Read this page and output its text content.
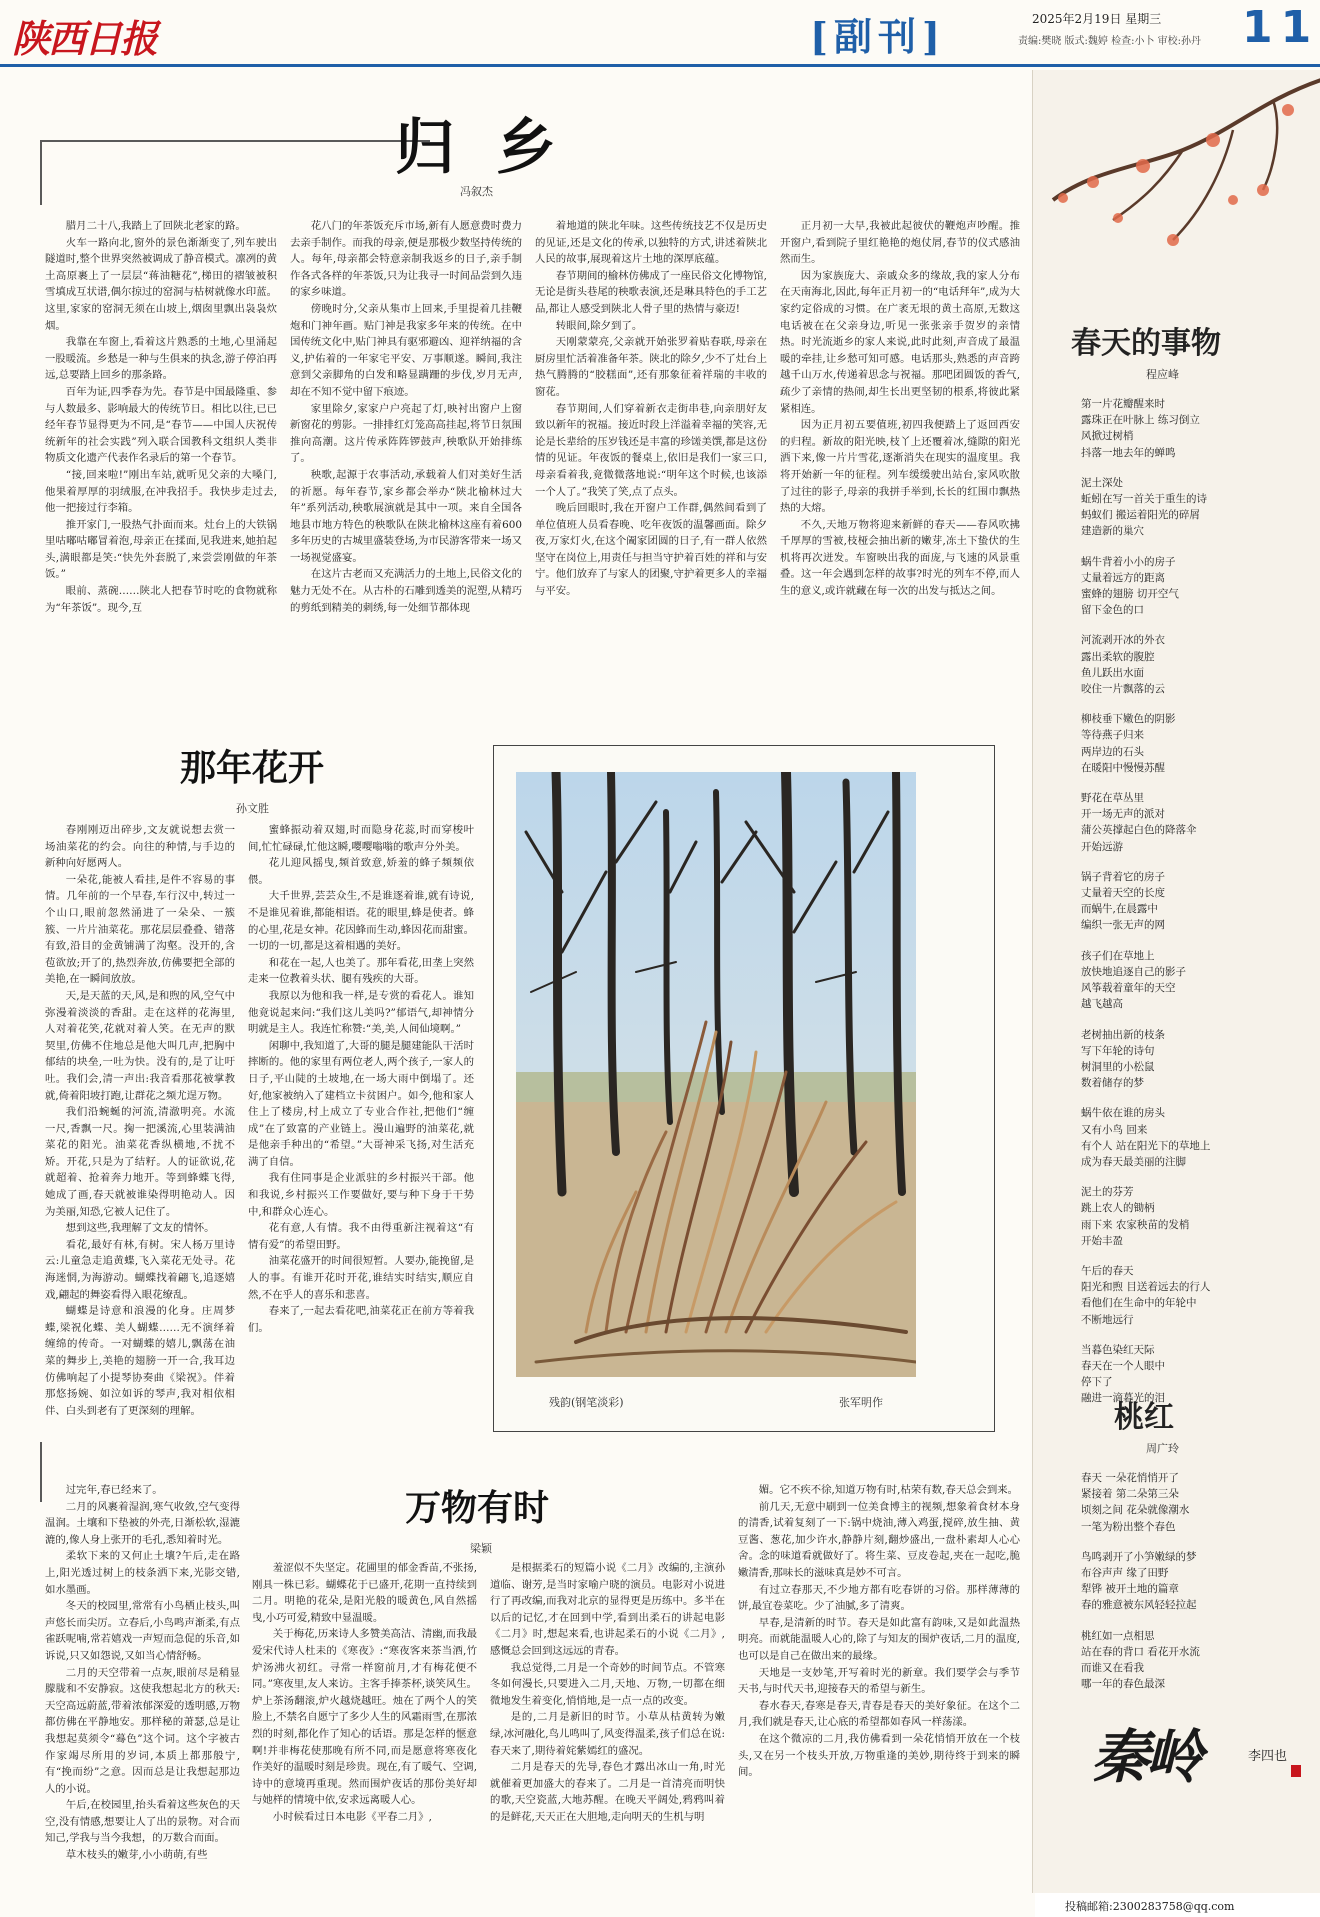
陕西日报	[副刊]	2025年2月19日 星期三
责编:樊晓 版式:魏婷 检查:小卜 审校:孙丹 11
归 乡
冯叙杰

腊月二十八,我踏上了回陕北老家的路。

火车一路向北,窗外的景色渐渐变了,列车驶出隧道时,整个世界突然被调成了静音模式。凛冽的黄土高原裹上了一层层“蒋油糖花”,梯田的褶皱被积雪填成互状谱,偶尔掠过的窑洞与枯树就像水印蓝。这里,家家的窑洞无须在山坡上,烟囱里飘出袅袅炊烟。

我靠在车窗上,看着这片熟悉的土地,心里涌起一股暖流。乡愁是一种与生俱来的执念,游子停泊再远,总要踏上回乡的那条路。

百年为证,四季春为先。春节是中国最隆重、参与人数最多、影响最大的传统节日。相比以往,已已经年春节显得更为不同,是“春节——中国人庆祝传统新年的社会实践”列入联合国教科文组织人类非物质文化遗产代表作名录后的第一个春节。

“接,回来啦!”刚出车站,就听见父亲的大嗓门,他果着厚厚的羽绒服,在冲我招手。我快步走过去,他一把接过行李箱。

推开家门,一股热气扑面而来。灶台上的大铁锅里咕嘟咕嘟冒着泡,母亲正在揉面,见我进来,她拍起头,满眼都是笑:“快先外套脱了,来尝尝刚做的年茶饭。”

眼前、蒸碗……陕北人把春节时吃的食物就称为“年茶饭”。现今,互

花八门的年茶饭充斥市场,新有人愿意费时费力去亲手制作。而我的母亲,便是那极少数坚持传统的人。每年,母亲都会特意亲制我返乡的日子,亲手制作各式各样的年茶饭,只为让我寻一时间品尝到久违的家乡味道。

傍晚时分,父亲从集市上回来,手里提着几挂鞭炮和门神年画。贴门神是我家多年来的传统。在中国传统文化中,贴门神具有驱邪避凶、迎祥纳福的含义,护佑着的一年家宅平安、万事顺遂。瞬间,我注意到父亲脚角的白发和略显蹒跚的步伐,岁月无声,却在不知不觉中留下痕迹。

家里除夕,家家户户亮起了灯,映衬出窗户上窗新窗花的剪影。一排排红灯笼高高挂起,将节日氛围推向高潮。这片传承阵阵锣鼓声,秧歌队开始排练了。

秧歌,起源于农事活动,承载着人们对美好生活的祈愿。每年春节,家乡都会举办“陕北榆林过大年”系列活动,秧歌展演就是其中一项。来自全国各地县市地方特色的秧歌队在陕北榆林这座有着600多年历史的古城里盛装登场,为市民游客带来一场又一场视觉盛宴。

在这片古老而又充满活力的土地上,民俗文化的魅力无处不在。从古朴的石雕到透美的泥塑,从精巧的剪纸到精美的刺绣,每一处细节都体现

着地道的陕北年味。这些传统技艺不仅是历史的见证,还是文化的传承,以独特的方式,讲述着陕北人民的故事,展现着这片土地的深厚底蕴。

春节期间的榆林仿佛成了一座民俗文化博物馆,无论是街头巷尾的秧歌表演,还是琳具特色的手工艺品,都让人感受到陕北人骨子里的热情与豪迈!

转眼间,除夕到了。

天刚蒙蒙亮,父亲就开始张罗着贴春联,母亲在厨房里忙活着准备年茶。陕北的除夕,少不了灶台上热气腾腾的“胶糕面”,还有那象征着祥瑞的丰收的窗花。

春节期间,人们穿着新衣走街串巷,向亲朋好友致以新年的祝福。接近时段上洋溢着幸福的笑容,无论是长辈给的压岁钱还是丰富的珍馐美馔,都是这份情的见证。年夜饭的餐桌上,依旧是我们一家三口,母亲看着我,竟微微落地说:“明年这个时候,也该添一个人了。”我笑了笑,点了点头。

晚后回眼时,我在开窗户工作群,偶然间看到了单位值班人员看春晚、吃年夜饭的温馨画面。除夕夜,万家灯火,在这个阖家团圆的日子,有一群人依然坚守在岗位上,用责任与担当守护着百姓的祥和与安宁。他们放弃了与家人的团聚,守护着更多人的幸福与平安。

正月初一大早,我被此起彼伏的鞭炮声吵醒。推开窗户,看到院子里红艳艳的炮仗屑,春节的仪式感油然而生。

因为家族庞大、亲戚众多的缘故,我的家人分布在天南海北,因此,每年正月初一的“电话拜年”,成为大家约定俗成的习惯。在广袤无垠的黄土高原,无数这电话被在在父亲身边,听见一张张亲手贺岁的亲情热。时光流逝乡的家人来说,此时此刻,声音成了最温暖的牵挂,让乡愁可知可感。电话那头,熟悉的声音跨越千山万水,传递着思念与祝福。那吧团圆饭的香气,疏少了亲情的热闹,却生长出更坚韧的根系,将彼此紧紧相连。

因为正月初五要值班,初四我便踏上了返回西安的归程。新故的阳光映,枝丫上还覆着冰,缝隙的阳光洒下来,像一片片雪花,逐渐消失在现实的温度里。我将开始新一年的征程。列车缓缓驶出站台,家风吹散了过往的影子,母亲的我拼手举到,长长的红围巾飘热热的大熔。

不久,天地万物将迎来新鲜的春天——春风吹拂千厚厚的雪被,枝桠会抽出新的嫩芽,冻土下蛰伏的生机将再次迸发。车窗映出我的面庞,与飞速的风景重叠。这一年会遇到怎样的故事?时光的列车不停,而人生的意义,或许就藏在每一次的出发与抵达之间。

那年花开
孙文胜

春刚刚迈出碎步,文友就说想去赏一场油菜花的约会。向往的种情,与手边的新种向好愿两人。

一朵花,能被人看挂,是件不容易的事情。几年前的一个早春,车行汉中,转过一个山口,眼前忽然涌进了一朵朵、一簇簇、一片片油菜花。那花层层叠叠、错落有致,沿目的金黄铺满了沟壑。没开的,含苞欲放;开了的,热烈奔放,仿佛要把全部的美艳,在一瞬间放放。

天,是天蓝的天,风,是和煦的风,空气中弥漫着淡淡的香甜。走在这样的花海里,人对着花笑,花就对着人笑。在无声的默契里,仿佛不住地总是他大叫几声,把胸中郁结的块垒,一吐为快。没有的,是了让吁吐。我们会,清一声出:我音看那花被掌教就,倚着阳坡打跑,让群花之频尤逞万物。

我们沿蜿蜒的河流,清澈明亮。水流一尺,香飘一尺。掬一把溪流,心里装满油菜花的阳光。油菜花香纵横地,不扰不矫。开花,只是为了结籽。人的证欲说,花就超着、抢着奔力地开。等到蜂蝶飞得,她成了画,春天就被谁染得明艳动人。因为美丽,知恐,它被人记住了。

想到这些,我理解了文友的情怀。

看花,最好有林,有树。宋人杨万里诗云:儿童急走追黄蝶,飞入菜花无处寻。花海迷惘,为海游动。蝴蝶找着翩飞,追逐嬉戏,翩起的舞姿看得入眼花缭乱。

蝴蝶是诗意和浪漫的化身。庄周梦蝶,梁祝化蝶、美人蝴蝶……无不演绎着缠绵的传奇。一对蝴蝶的嬉儿,飘荡在油菜的舞步上,美艳的翅膀一开一合,我耳边仿佛响起了小提琴协奏曲《梁祝》。伴着那悠扬婉、如泣如诉的琴声,我对相依相伴、白头到老有了更深刻的理解。

蜜蜂振动着双翅,时而隐身花蕊,时而穿梭叶间,忙忙碌碌,忙他这瞬,嘤嘤嗡嗡的歌声分外美。

花儿迎风摇曳,频首致意,娇羞的蜂子频频依偎。

大千世界,芸芸众生,不是谁逐着谁,就有诗说,不是谁见着谁,都能相语。花的眼里,蜂是使者。蜂的心里,花是女神。花因蜂而生动,蜂因花而甜蜜。一切的一切,都是这着相遇的美好。

和花在一起,人也美了。那年看花,田垄上突然走来一位教着头状、腿有残疾的大哥。

我原以为他和我一样,是专赏的看花人。谁知他竟说起来问:“我们这儿美吗?”郁语气,却神情分明就是主人。我连忙称赞:“美,美,人间仙境啊。”

闲聊中,我知道了,大哥的腿是腿建能队干活时摔断的。他的家里有两位老人,两个孩子,一家人的日子,平山陡的土坡地,在一场大雨中倒塌了。还好,他家被纳入了建档立卡贫困户。如今,他和家人住上了楼房,村上成立了专业合作社,把他们“缠成”在了致富的产业链上。漫山遍野的油菜花,就是他亲手种出的“希望。”大哥神采飞扬,对生活充满了自信。

我有住同事是企业派驻的乡村振兴干部。他和我说,乡村振兴工作要做好,要与种下身于干势中,和群众心连心。

花有意,人有情。我不由得重新注视着这“有情有爱”的希望田野。

油菜花盛开的时间很短暂。人要办,能挽留,是人的事。有谁开花时开花,谁结实时结实,顺应自然,不在乎人的喜乐和悲喜。

春来了,一起去看花吧,油菜花正在前方等着我们。

残韵(钢笔淡彩)	张军明作
万物有时
梁颖

过完年,春已经来了。

二月的风裹着湿润,寒气收敛,空气变得温润。土壤和下垫被的外壳,日渐松软,湿漉漉的,像人身上张开的毛孔,悉知着时光。

柔软下来的又何止土壤?午后,走在路上,阳光透过树上的枝条洒下来,光影交错,如水墨画。

冬天的校园里,常常有小鸟栖止枝头,叫声悠长而尖厉。立春后,小鸟鸣声渐柔,有点雀跃呢喃,常若嬉戏一声短而急促的乐音,如诉说,只又如怨说,又如当心情舒畅。

二月的天空带着一点灰,眼前尽是稍显朦胧和不安静寂。这使我想起北方的秋天:天空高远蔚蓝,带着浓郁深爱的透明感,万物都仿佛在平静地安。那样秘的萧瑟,总是让我想起莫须令“蓦色”这个词。这个字被古作家竭尽所用的岁词,本质上都那般宁,有“挽而纷”之意。因而总是让我想起那边人的小说。

午后,在校园里,抬头看着这些灰色的天空,没有情感,想要让人了出的景物。对合而知己,学我与当今我想，的万数合而面。

草木枝头的嫩芽,小小萌萌,有些

羞涩似不失坚定。花圃里的郁金香苗,不张扬,刚具一株已彩。蝴蝶花于已盛开,花期一直持续到二月。明艳的花朵,是阳光般的暖黄色,风自然摇曳,小巧可爱,精致中显温暖。

关于梅花,历来诗人多赞美高洁、清幽,而我最爱宋代诗人杜耒的《寒夜》:“寒夜客来茶当酒,竹炉汤沸火初红。寻常一样窗前月,才有梅花便不同。”寒夜里,友人来访。主客手捧茶杯,谈笑风生。炉上茶汤翻滚,炉火越烧越旺。烛在了两个人的笑脸上,不禁名自愿宁了多少人生的风霜雨雪,在那浓烈的时刻,都化作了知心的话语。那是怎样的惬意啊!并非梅花使那晚有所不同,而是愿意将寒夜化作美好的温暖时刻是珍贵。现在,有了暖气、空调,诗中的意境再重现。然而围炉夜话的那份美好却与她样的情境中依,安求远离暖人心。

小时候看过日本电影《平春二月》,

是根据柔石的短篇小说《二月》改编的,主演孙道临、谢芳,是当时家喻户晓的演员。电影对小说进行了再改编,而我对北京的显得更是历练中。多半在以后的记忆,才在回到中学,看到出柔石的讲起电影《二月》时,想起来看,也讲起柔石的小说《二月》,感慨总会回到这远远的青春。

我总觉得,二月是一个奇妙的时间节点。不管寒冬如何漫长,只要进入二月,天地、万物,一切都在细微地发生着变化,悄悄地,是一点一点的改变。

是的,二月是新旧的时节。小草从枯黄转为嫩绿,冰河融化,鸟儿鸣叫了,风变得温柔,孩子们总在说:春天来了,期待着姹紫嫣红的盛况。

二月是春天的先导,春色才露出冰山一角,时光就催着更加盛大的春来了。二月是一首清亮而明快的歌,天空瓷蓝,大地苏醒。在晚天平阔处,鸦鸦叫着的是鲜花,天天正在大胆地,走向明天的生机与明

媚。它不疾不徐,知道万物有时,枯荣有数,春天总会到来。

前几天,无意中刷到一位美食博主的视频,想象着食材本身的清香,试着复刻了一下:锅中烧油,薄入鸡蛋,搅碎,放生抽、黄豆酱、葱花,加少许水,静静片刻,翻炒盛出,一盘朴素却人心心舍。念的味道看就做好了。将生菜、豆皮卷起,夹在一起吃,脆嫩清香,那味长的滋味真是妙不可言。

有过立春那天,不少地方都有吃春饼的习俗。那样薄薄的饼,最宜卷菜吃。少了油腻,多了清爽。

早春,是清新的时节。春天是如此富有韵味,又是如此温热明亮。而就能温暖人心的,除了与知友的围炉夜话,二月的温度,也可以是自己在做出来的最缘。

天地是一支妙笔,开写着时光的新章。我们要学会与季节天书,与时代天书,迎接春天的希望与新生。

春水春天,春寒是春天,青春是春天的美好象征。在这个二月,我们就是春天,让心底的希望都如春风一样荡漾。

在这个微凉的二月,我仿佛看到一朵花悄悄开放在一个枝头,又在另一个枝头开放,万物重逢的美妙,期待终于到来的瞬间。

春天的事物
程应峰
第一片花瓣醒来时
露珠正在叶脉上 练习倒立
风掀过树梢
抖落一地去年的蝉鸣
泥土深处
蚯蚓在写一首关于重生的诗
蚂蚁们 搬运着阳光的碎屑
建造新的巢穴
蜗牛背着小小的房子
丈量着远方的距离
蜜蜂的翅膀 切开空气
留下金色的口
河流剥开冰的外衣
露出柔软的腹腔
鱼儿跃出水面
咬住一片飘落的云
柳枝垂下嫩色的阴影
等待燕子归来
两岸边的石头
在暖阳中慢慢苏醒
野花在草丛里
开一场无声的派对
蒲公英撑起白色的降落伞
开始远游
锅子背着它的房子
丈量着天空的长度
而蜗牛,在晨露中
编织一张无声的网
孩子们在草地上
放快地追逐自己的影子
风筝载着童年的天空
越飞越高
老树抽出新的枝条
写下年轮的诗句
树洞里的小松鼠
数着储存的梦
蜗牛依在谁的房头
又有小鸟 回来
有个人 站在阳光下的草地上
成为春天最美丽的注脚
泥土的芬芳
跳上农人的锄柄
雨下来 农家秧苗的发梢
开始丰盈
午后的春天
阳光和煦 目送着远去的行人
看他们在生命中的年轮中
不断地远行
当暮色染红天际
春天在一个人眼中
停下了
融进一滴暮光的泪
桃红
周广玲
春天 一朵花悄悄开了
紧接着 第二朵第三朵
顷刻之间 花朵就像潮水
一笔为粉出整个春色
鸟鸣剥开了小笋嫩绿的梦
布谷声声 缘了田野
犁铧 被开土地的篇章
春的雅意被东风轻轻拉起
桃红如一点相思
站在春的背口 看花开水流
而谁又在看我
哪一年的春色最深
秦岭	李四也
投稿邮箱:2300283758@qq.com
